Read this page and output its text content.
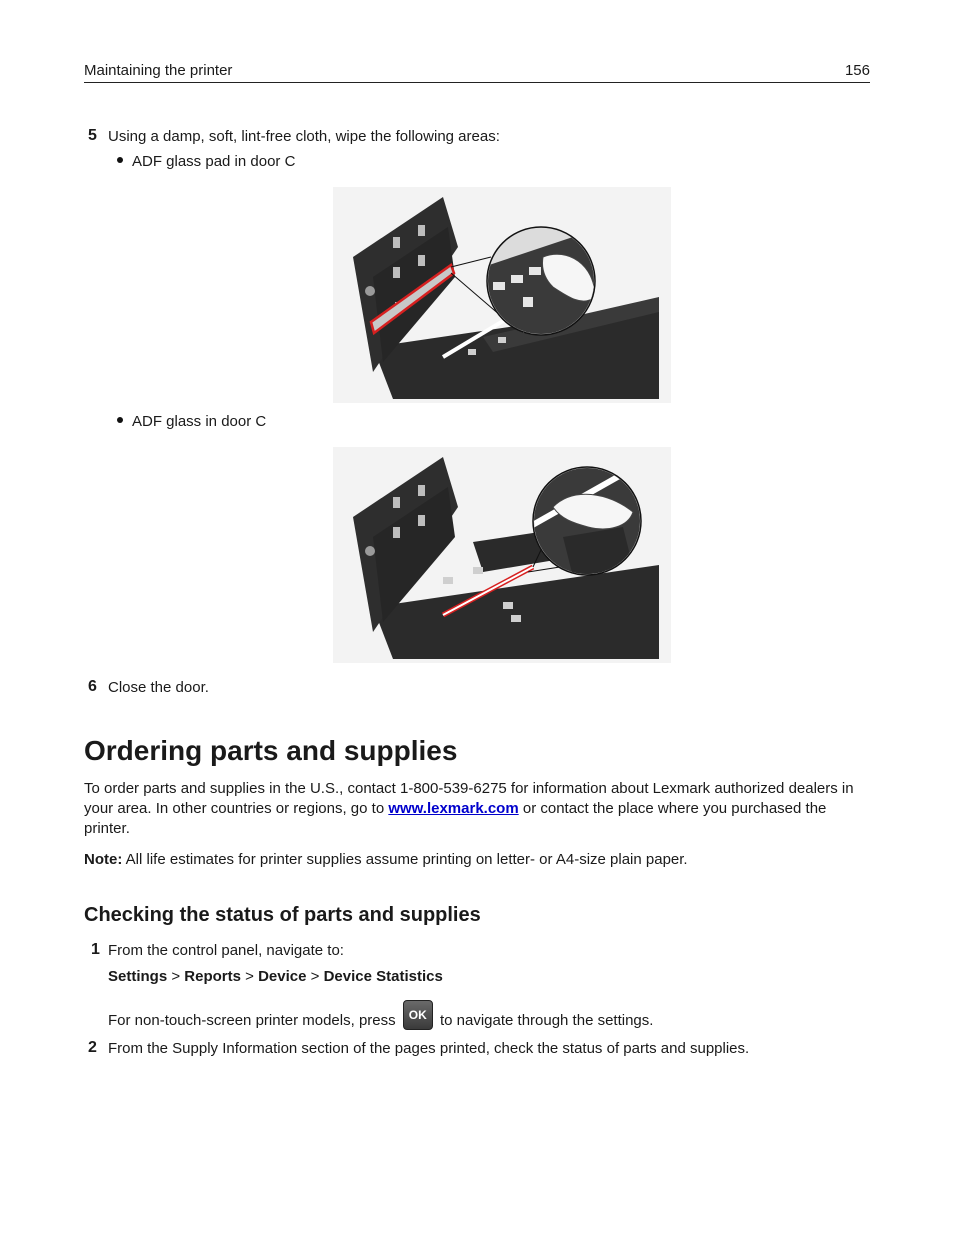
Maintaining the printer	156
5 Using a damp, soft, lint-free cloth, wipe the following areas:
ADF glass pad in door C
ADF glass in door C
6 Close the door.
Ordering parts and supplies
To order parts and supplies in the U.S., contact 1-800-539-6275 for information about Lexmark authorized dealers in your area. In other countries or regions, go to www.lexmark.com or contact the place where you purchased the printer.
Note: All life estimates for printer supplies assume printing on letter- or A4-size plain paper.
Checking the status of parts and supplies
1 From the control panel, navigate to:
Settings > Reports > Device > Device Statistics
For non-touch-screen printer models, press OK to navigate through the settings.
2 From the Supply Information section of the pages printed, check the status of parts and supplies.
